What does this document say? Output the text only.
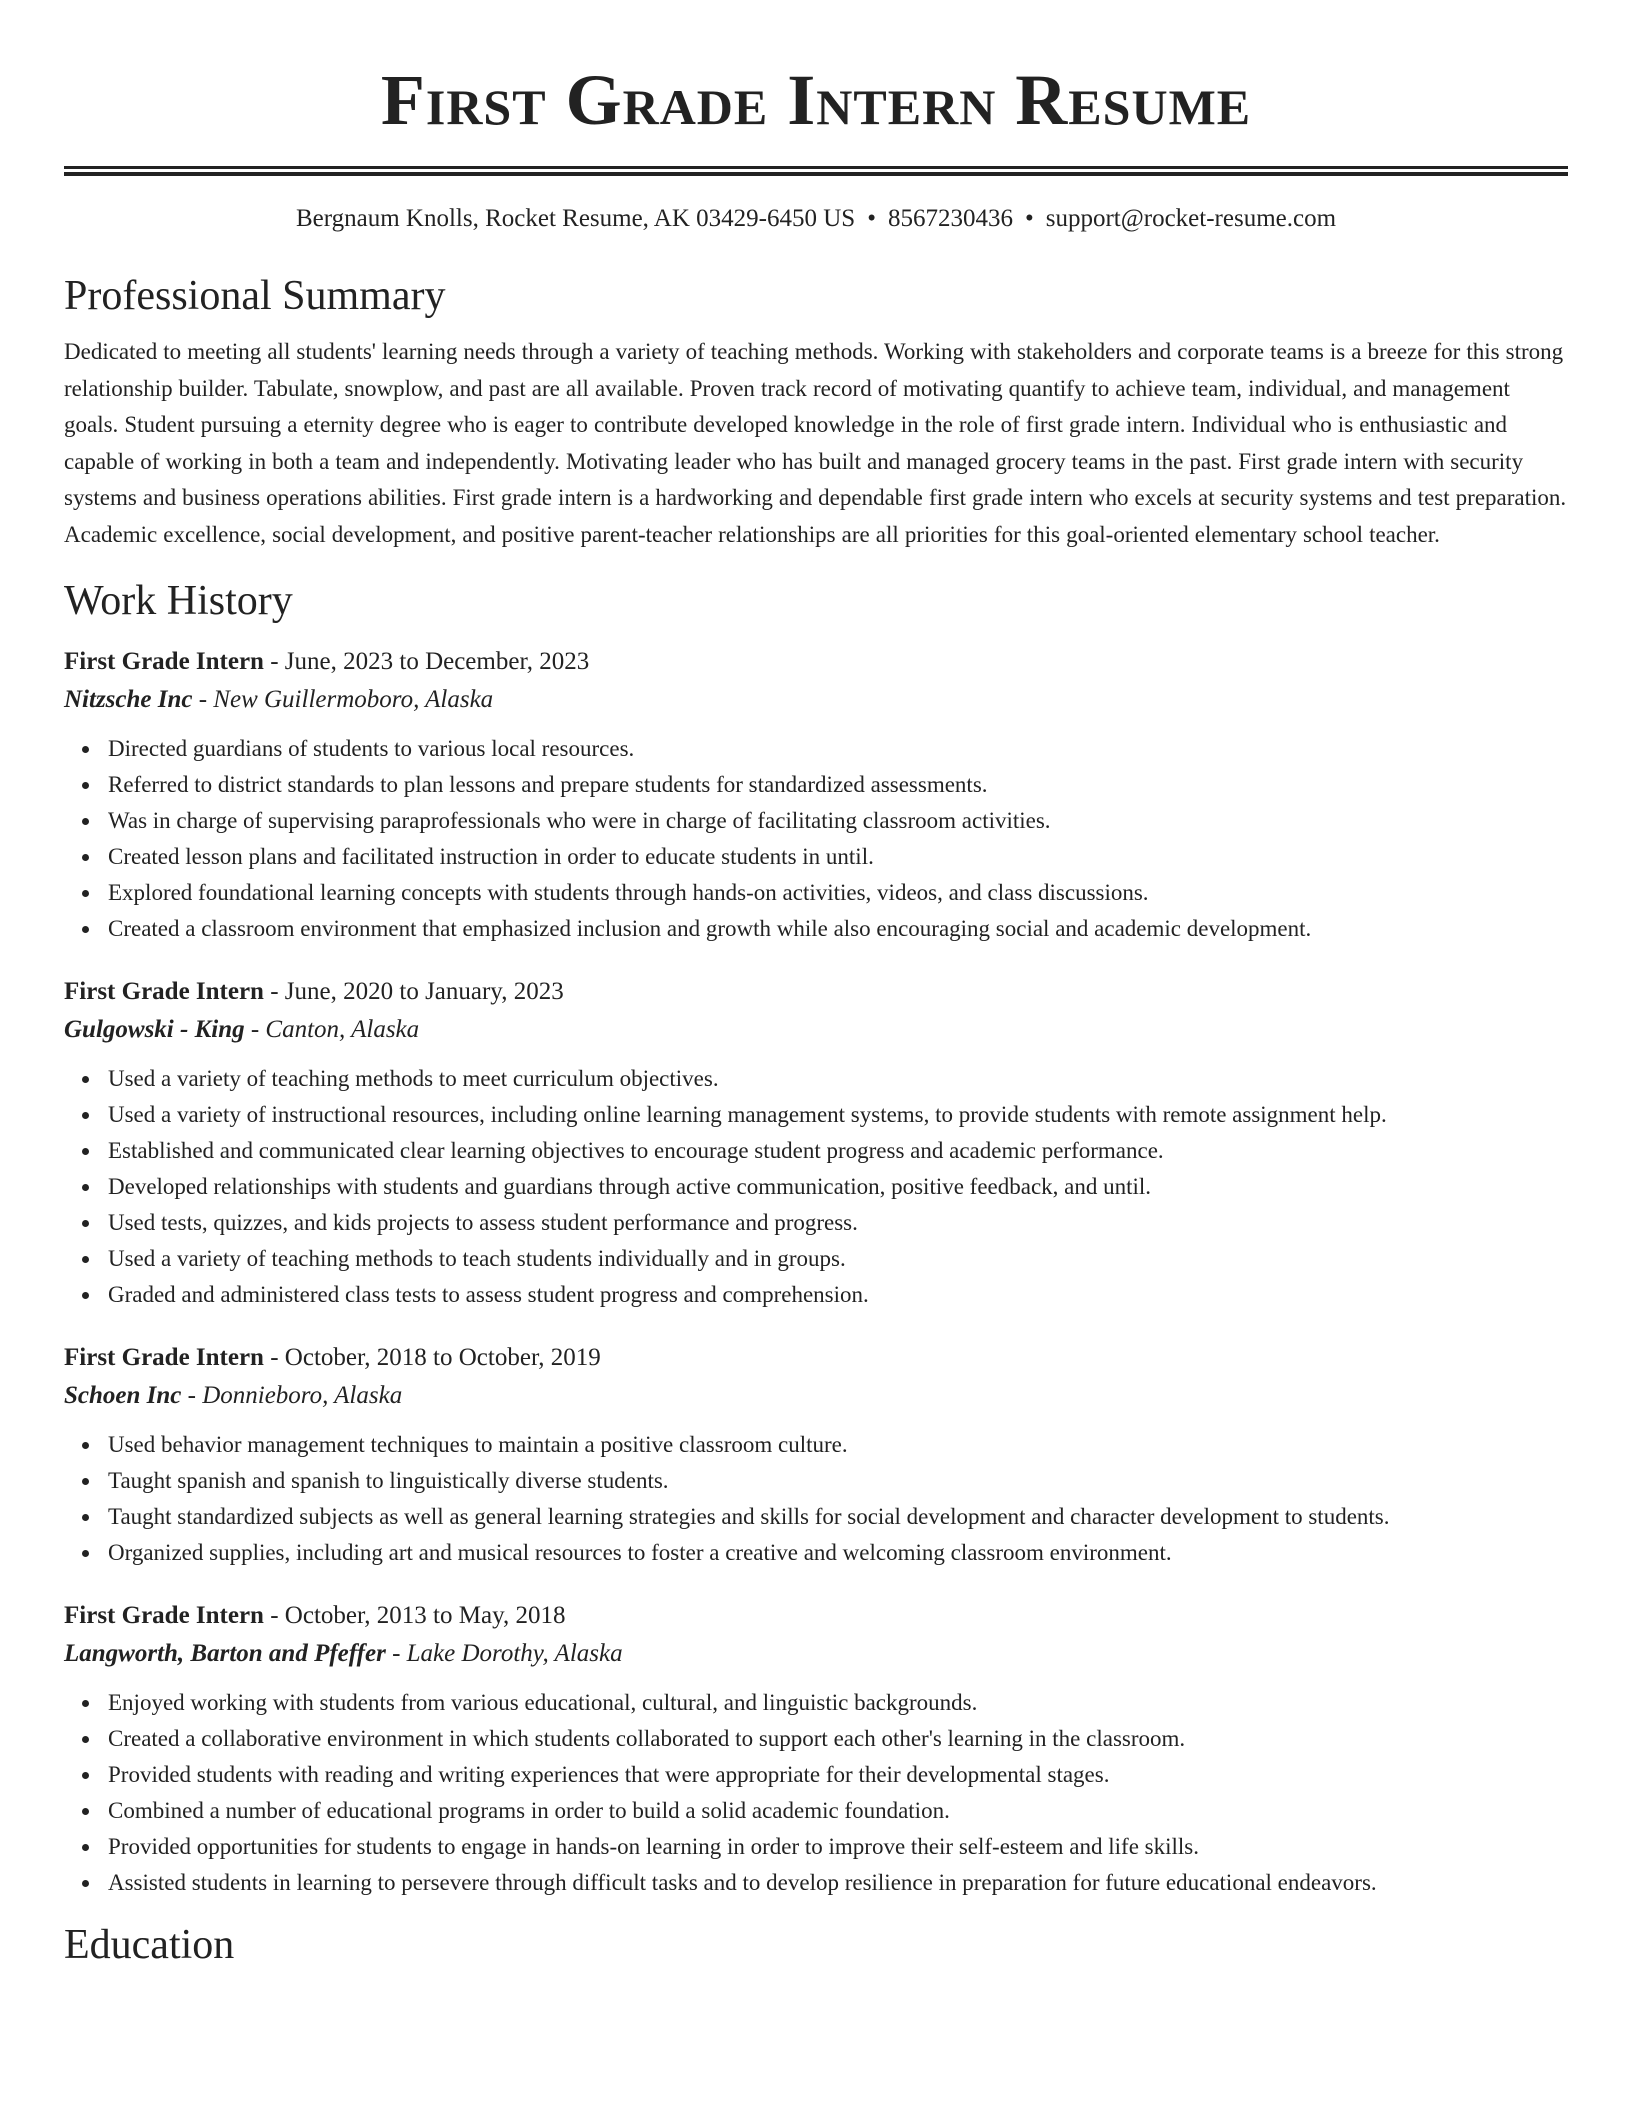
First Grade Intern Resume
Bergnaum Knolls, Rocket Resume, AK 03429-6450 US • 8567230436 • support@rocket-resume.com
Professional Summary

Dedicated to meeting all students' learning needs through a variety of teaching methods. Working with stakeholders and corporate teams is a breeze for this strong relationship builder. Tabulate, snowplow, and past are all available. Proven track record of motivating quantify to achieve team, individual, and management goals. Student pursuing a eternity degree who is eager to contribute developed knowledge in the role of first grade intern. Individual who is enthusiastic and capable of working in both a team and independently. Motivating leader who has built and managed grocery teams in the past. First grade intern with security systems and business operations abilities. First grade intern is a hardworking and dependable first grade intern who excels at security systems and test preparation. Academic excellence, social development, and positive parent-teacher relationships are all priorities for this goal-oriented elementary school teacher.

Work History
First Grade Intern - June, 2023 to December, 2023
Nitzsche Inc - New Guillermoboro, Alaska
Directed guardians of students to various local resources.
Referred to district standards to plan lessons and prepare students for standardized assessments.
Was in charge of supervising paraprofessionals who were in charge of facilitating classroom activities.
Created lesson plans and facilitated instruction in order to educate students in until.
Explored foundational learning concepts with students through hands-on activities, videos, and class discussions.
Created a classroom environment that emphasized inclusion and growth while also encouraging social and academic development.
First Grade Intern - June, 2020 to January, 2023
Gulgowski - King - Canton, Alaska
Used a variety of teaching methods to meet curriculum objectives.
Used a variety of instructional resources, including online learning management systems, to provide students with remote assignment help.
Established and communicated clear learning objectives to encourage student progress and academic performance.
Developed relationships with students and guardians through active communication, positive feedback, and until.
Used tests, quizzes, and kids projects to assess student performance and progress.
Used a variety of teaching methods to teach students individually and in groups.
Graded and administered class tests to assess student progress and comprehension.
First Grade Intern - October, 2018 to October, 2019
Schoen Inc - Donnieboro, Alaska
Used behavior management techniques to maintain a positive classroom culture.
Taught spanish and spanish to linguistically diverse students.
Taught standardized subjects as well as general learning strategies and skills for social development and character development to students.
Organized supplies, including art and musical resources to foster a creative and welcoming classroom environment.
First Grade Intern - October, 2013 to May, 2018
Langworth, Barton and Pfeffer - Lake Dorothy, Alaska
Enjoyed working with students from various educational, cultural, and linguistic backgrounds.
Created a collaborative environment in which students collaborated to support each other's learning in the classroom.
Provided students with reading and writing experiences that were appropriate for their developmental stages.
Combined a number of educational programs in order to build a solid academic foundation.
Provided opportunities for students to engage in hands-on learning in order to improve their self-esteem and life skills.
Assisted students in learning to persevere through difficult tasks and to develop resilience in preparation for future educational endeavors.
Education
